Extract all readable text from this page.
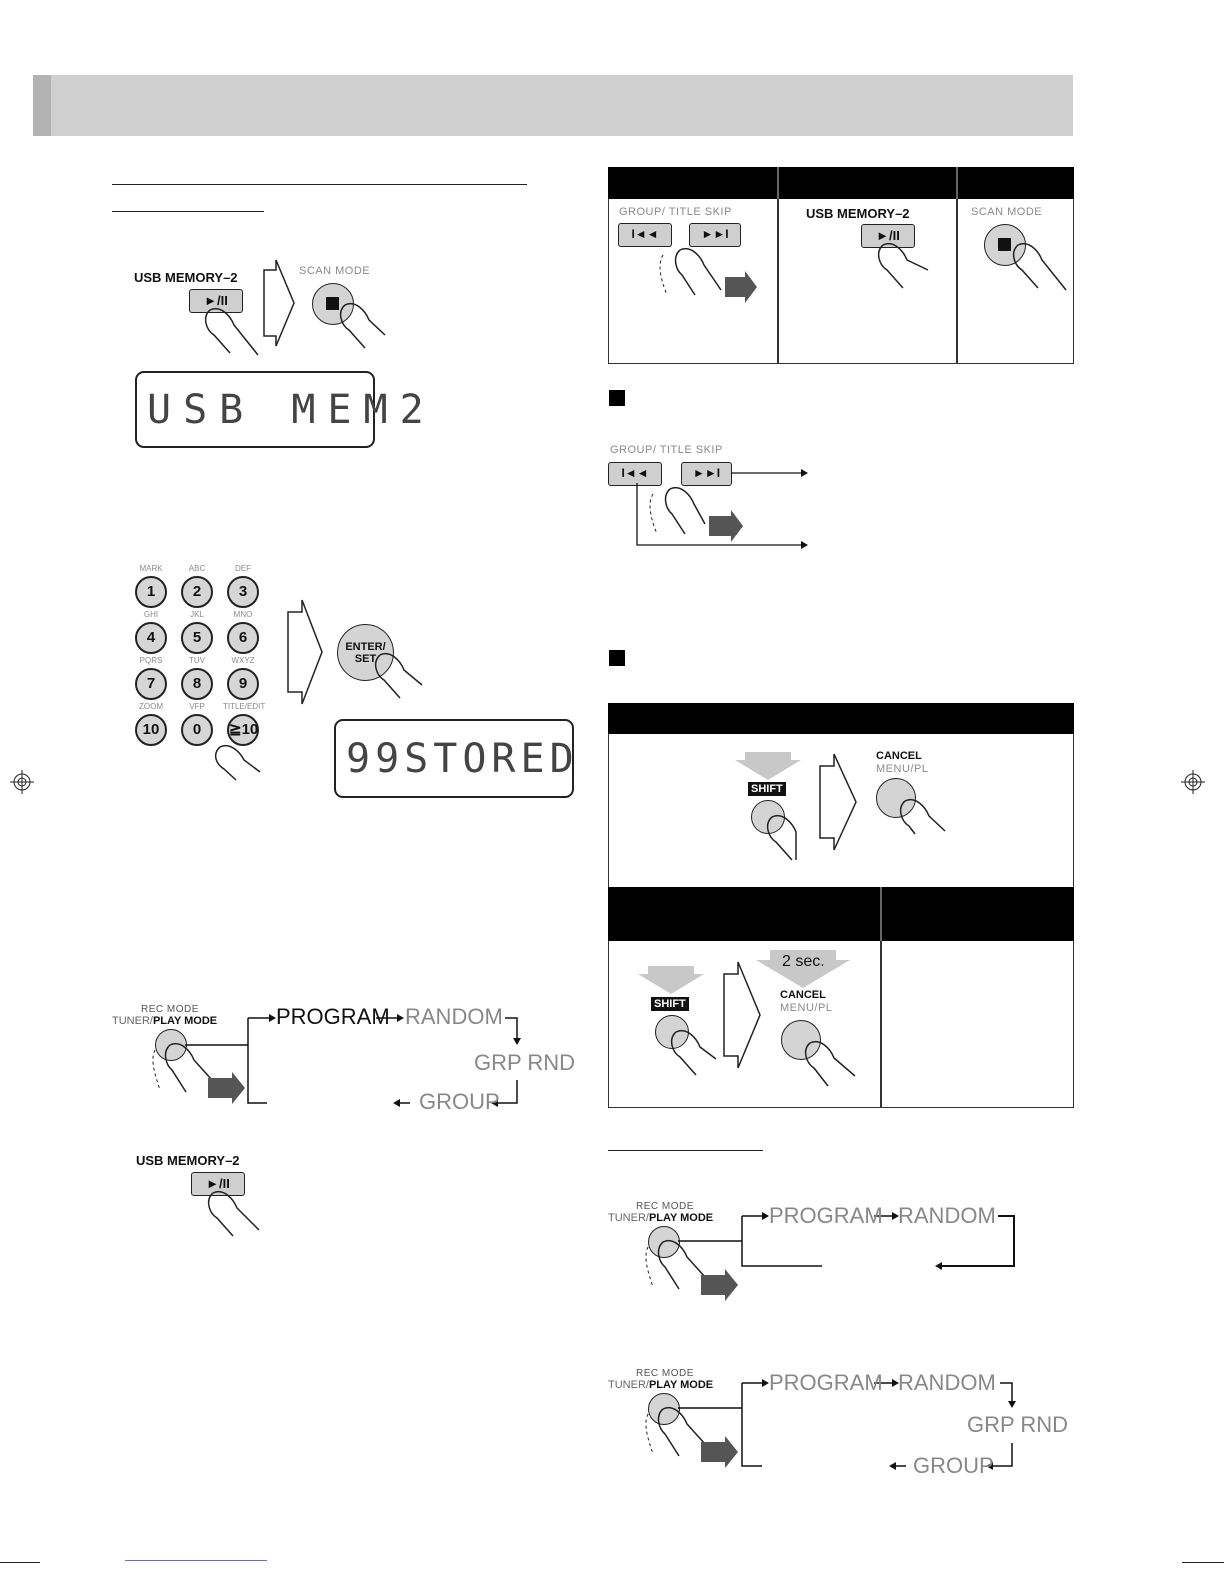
USB MEMORY–2
►/II
SCAN MODE
USB MEM2
MARK
1
ABC
2
DEF
3
GHI
4
JKL
5
MNO
6
PQRS
7
TUV
8
WXYZ
9
ZOOM
10
VFP
0
TITLE/EDIT
≧10
ENTER/ SET
99STORED
REC MODE
TUNER/PLAY MODE	PROGRAM RANDOM
GRP RND
GROUP
USB MEMORY–2
►/II
GROUP/ TITLE SKIP
I◄◄	►►I
USB MEMORY–2
►/II
SCAN MODE
GROUP/ TITLE SKIP
I◄◄	►►I
SHIFT
CANCEL
MENU/PL
SHIFT
2 sec.
CANCEL
MENU/PL
REC MODE
TUNER/PLAY MODE	PROGRAM RANDOM
REC MODE
TUNER/PLAY MODE	PROGRAM RANDOM
GRP RND
GROUP
